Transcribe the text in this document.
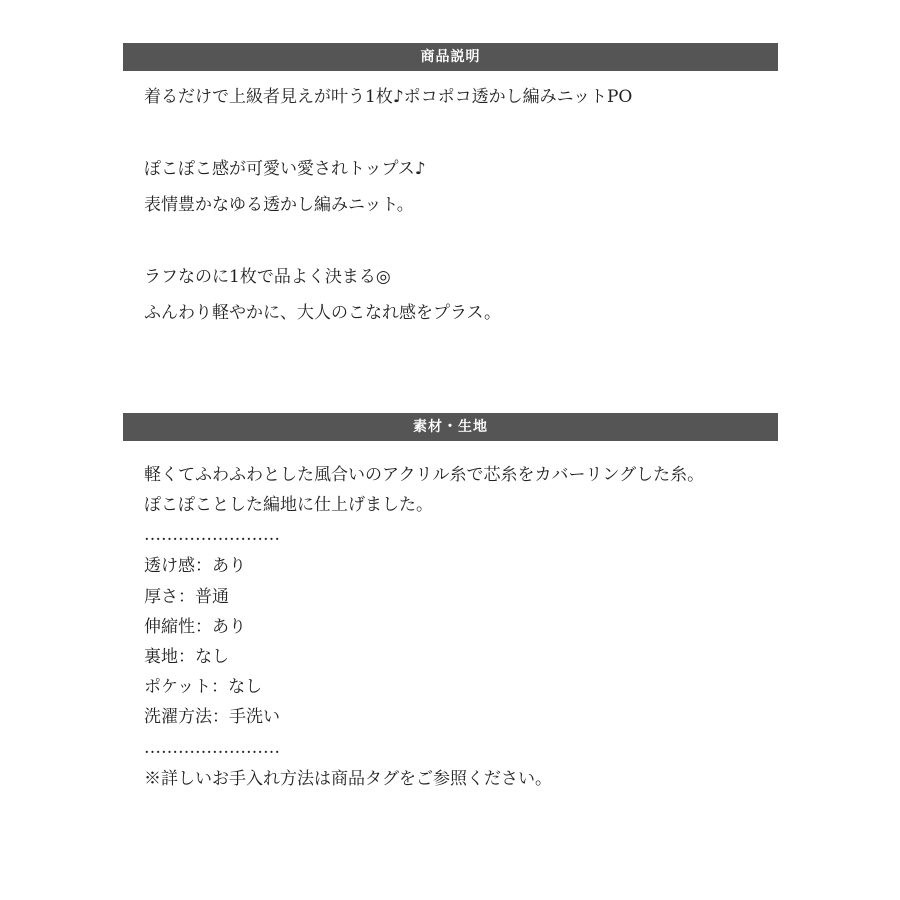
商品説明
着るだけで上級者見えが叶う1枚♪ポコポコ透かし編みニットPO
ぽこぽこ感が可愛い愛されトップス♪
表情豊かなゆる透かし編みニット。
ラフなのに1枚で品よく決まる◎
ふんわり軽やかに、大人のこなれ感をプラス。
素材・生地
軽くてふわふわとした風合いのアクリル糸で芯糸をカバーリングした糸。
ぽこぽことした編地に仕上げました。
……………………
透け感：あり
厚さ：普通
伸縮性：あり
裏地：なし
ポケット：なし
洗濯方法：手洗い
……………………
※詳しいお手入れ方法は商品タグをご参照ください。
